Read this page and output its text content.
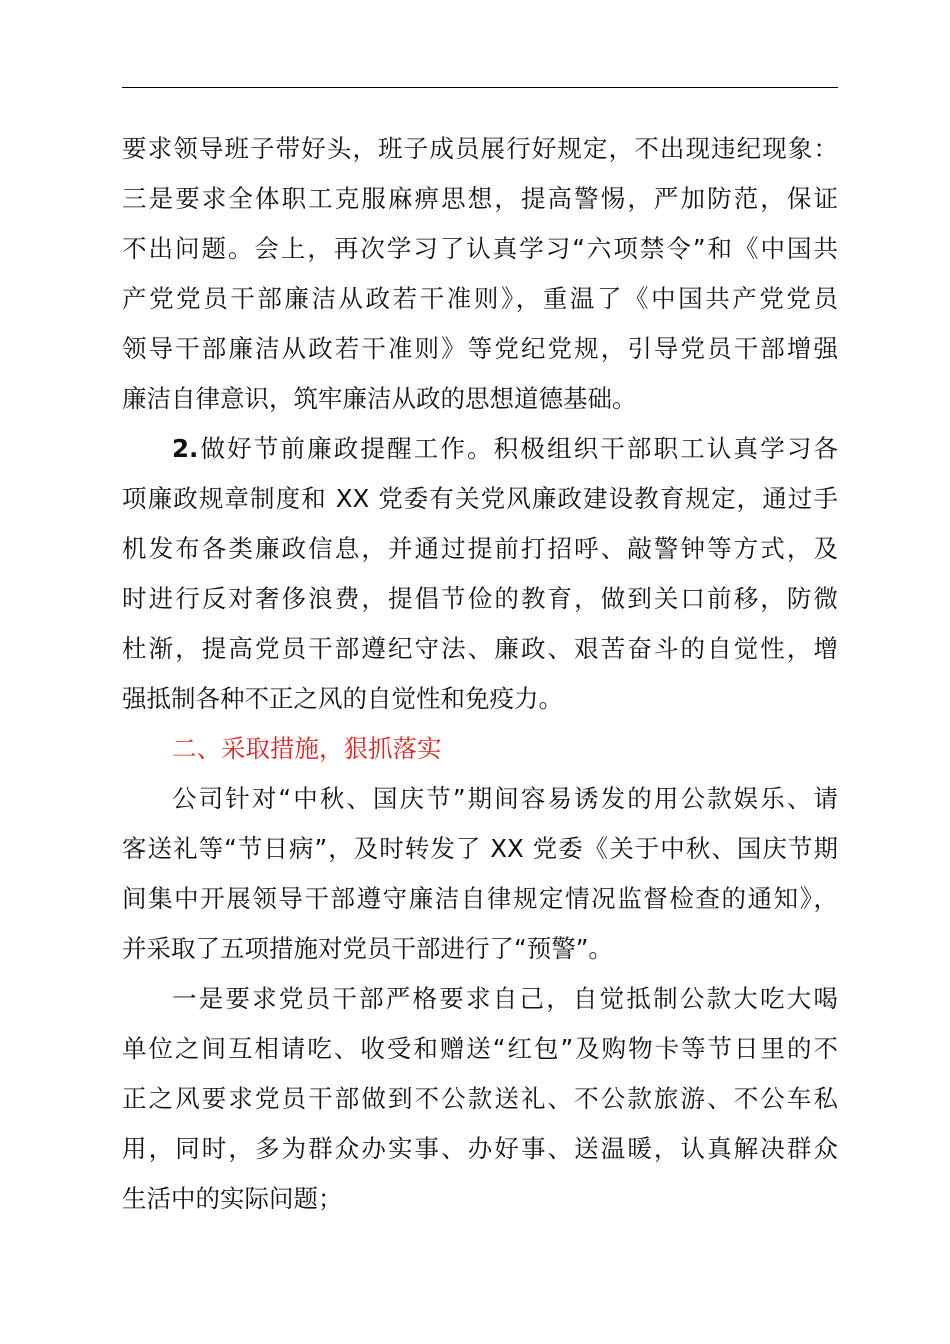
要求领导班子带好头，班子成员展行好规定，不出现违纪现象：
三是要求全体职工克服麻痹思想，提高警惕，严加防范，保证
不出问题。会上，再次学习了认真学习“六项禁令”和《中国共
产党党员干部廉洁从政若干准则》，重温了《中国共产党党员
领导干部廉洁从政若干准则》等党纪党规，引导党员干部增强
廉洁自律意识，筑牢廉洁从政的思想道德基础。
2.做好节前廉政提醒工作。积极组织干部职工认真学习各
项廉政规章制度和 XX 党委有关党风廉政建设教育规定，通过手
机发布各类廉政信息，并通过提前打招呼、敲警钟等方式，及
时进行反对奢侈浪费，提倡节俭的教育，做到关口前移，防微
杜渐，提高党员干部遵纪守法、廉政、艰苦奋斗的自觉性，增
强抵制各种不正之风的自觉性和免疫力。
二、采取措施，狠抓落实
公司针对“中秋、国庆节”期间容易诱发的用公款娱乐、请
客送礼等“节日病”，及时转发了 XX 党委《关于中秋、国庆节期
间集中开展领导干部遵守廉洁自律规定情况监督检查的通知》，
并采取了五项措施对党员干部进行了“预警”。
一是要求党员干部严格要求自己，自觉抵制公款大吃大喝
单位之间互相请吃、收受和赠送“红包”及购物卡等节日里的不
正之风要求党员干部做到不公款送礼、不公款旅游、不公车私
用，同时，多为群众办实事、办好事、送温暖，认真解决群众
生活中的实际问题；
